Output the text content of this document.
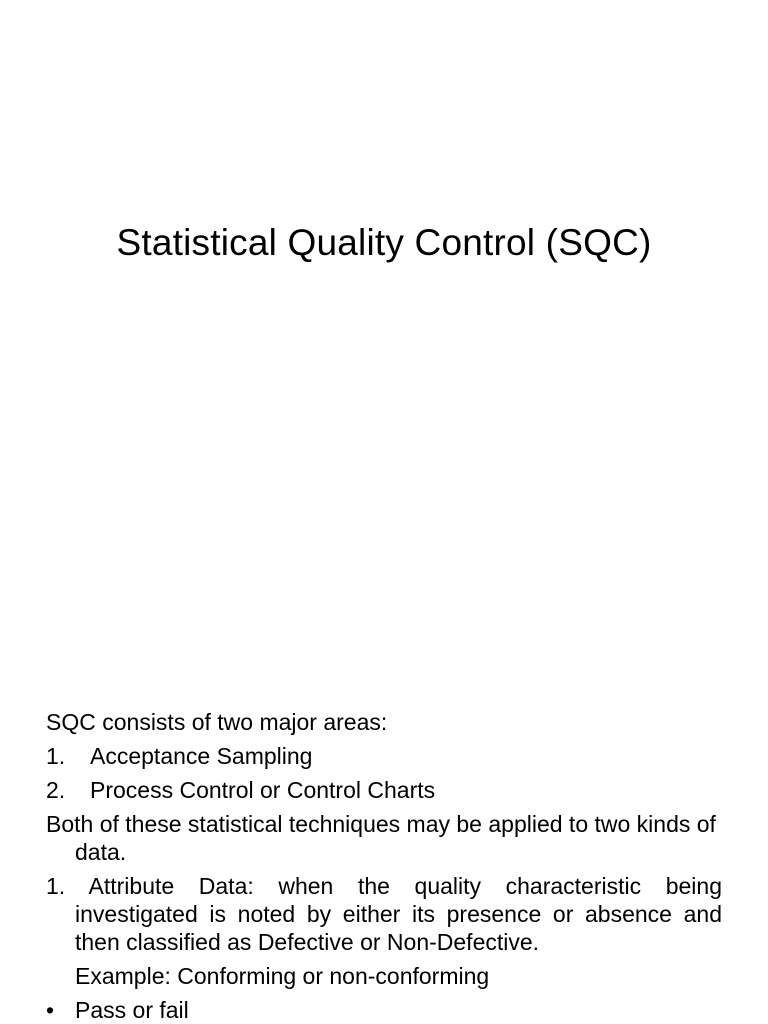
Statistical Quality Control (SQC)

SQC consists of two major areas:

1.	Acceptance Sampling
2.	Process Control or Control Charts

Both of these statistical techniques may be applied to two kinds of data.

1. Attribute Data: when the quality characteristic being investigated is noted by either its presence or absence and then classified as Defective or Non-Defective.

Example: Conforming or non-conforming

• Pass or fail
